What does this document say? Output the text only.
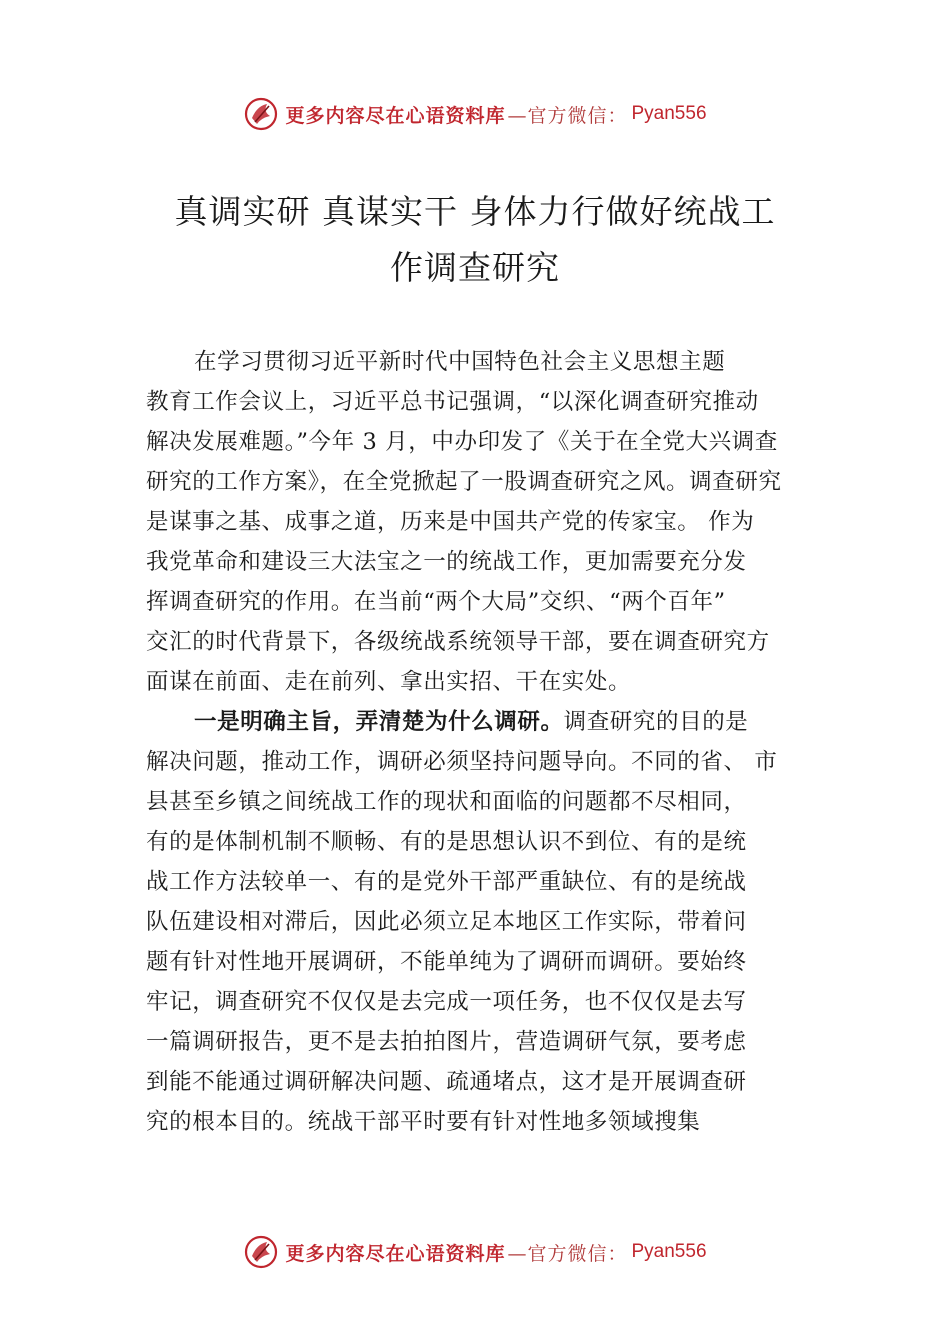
更多内容尽在心语资料库 —官方微信： Pyan556
真调实研 真谋实干 身体力行做好统战工
作调查研究
在学习贯彻习近平新时代中国特色社会主义思想主题
教育工作会议上，习近平总书记强调，“以深化调查研究推动
解决发展难题。”今年 3 月，中办印发了《关于在全党大兴调查
研究的工作方案》，在全党掀起了一股调查研究之风。调查研究
是谋事之基、成事之道，历来是中国共产党的传家宝。 作为
我党革命和建设三大法宝之一的统战工作，更加需要充分发
挥调查研究的作用。在当前“两个大局”交织、“两个百年”
交汇的时代背景下，各级统战系统领导干部，要在调查研究方
面谋在前面、走在前列、拿出实招、干在实处。
一是明确主旨，弄清楚为什么调研。调查研究的目的是
解决问题，推动工作，调研必须坚持问题导向。不同的省、 市
县甚至乡镇之间统战工作的现状和面临的问题都不尽相同，
有的是体制机制不顺畅、有的是思想认识不到位、有的是统
战工作方法较单一、有的是党外干部严重缺位、有的是统战
队伍建设相对滞后，因此必须立足本地区工作实际，带着问
题有针对性地开展调研，不能单纯为了调研而调研。要始终
牢记，调查研究不仅仅是去完成一项任务，也不仅仅是去写
一篇调研报告，更不是去拍拍图片，营造调研气氛，要考虑
到能不能通过调研解决问题、疏通堵点，这才是开展调查研
究的根本目的。统战干部平时要有针对性地多领域搜集
更多内容尽在心语资料库 —官方微信： Pyan556
